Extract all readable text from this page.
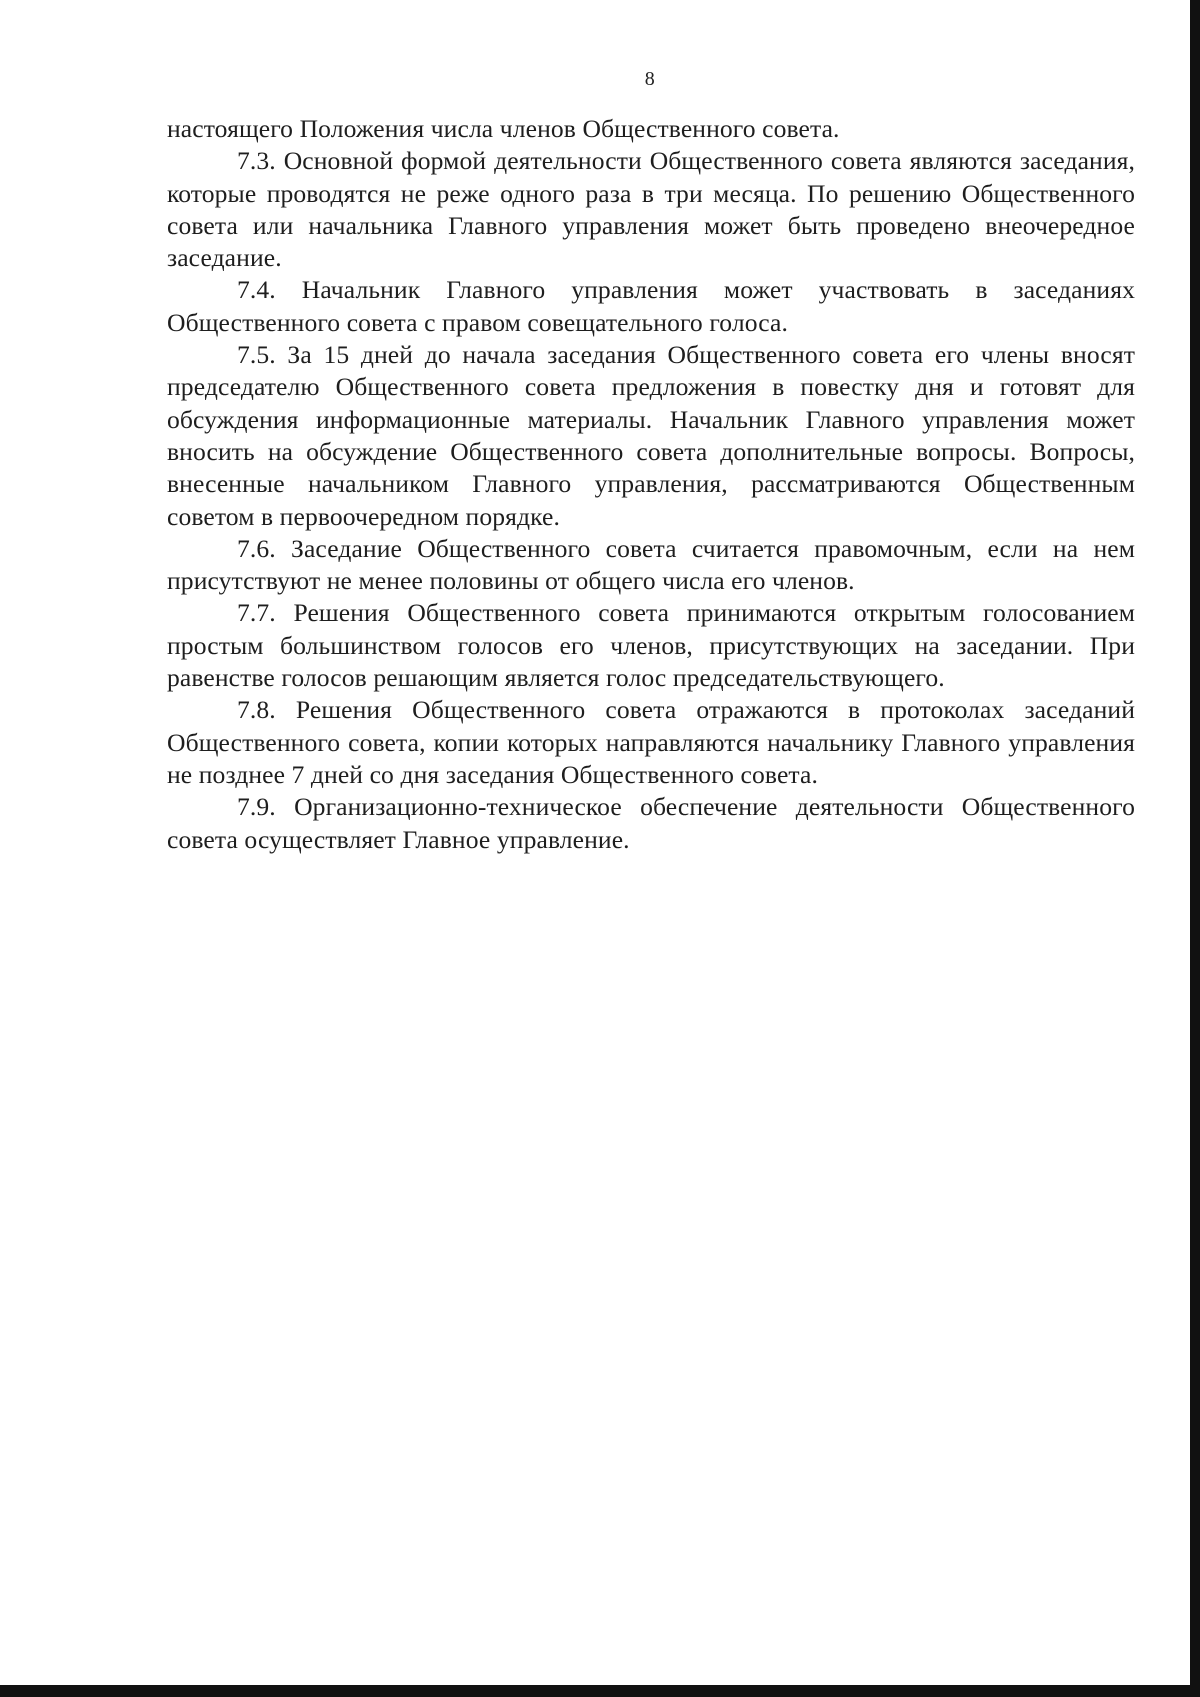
8

настоящего Положения числа членов Общественного совета.

7.3. Основной формой деятельности Общественного совета являются заседания, которые проводятся не реже одного раза в три месяца. По решению Общественного совета или начальника Главного управления может быть проведено внеочередное заседание.

7.4. Начальник Главного управления может участвовать в заседаниях Общественного совета с правом совещательного голоса.

7.5. За 15 дней до начала заседания Общественного совета его члены вносят председателю Общественного совета предложения в повестку дня и готовят для обсуждения информационные материалы. Начальник Главного управления может вносить на обсуждение Общественного совета дополнительные вопросы. Вопросы, внесенные начальником Главного управления, рассматриваются Общественным советом в первоочередном порядке.

7.6. Заседание Общественного совета считается правомочным, если на нем присутствуют не менее половины от общего числа его членов.

7.7. Решения Общественного совета принимаются открытым голосованием простым большинством голосов его членов, присутствующих на заседании. При равенстве голосов решающим является голос председательствующего.

7.8. Решения Общественного совета отражаются в протоколах заседаний Общественного совета, копии которых направляются начальнику Главного управления не позднее 7 дней со дня заседания Общественного совета.

7.9. Организационно-техническое обеспечение деятельности Общественного совета осуществляет Главное управление.
